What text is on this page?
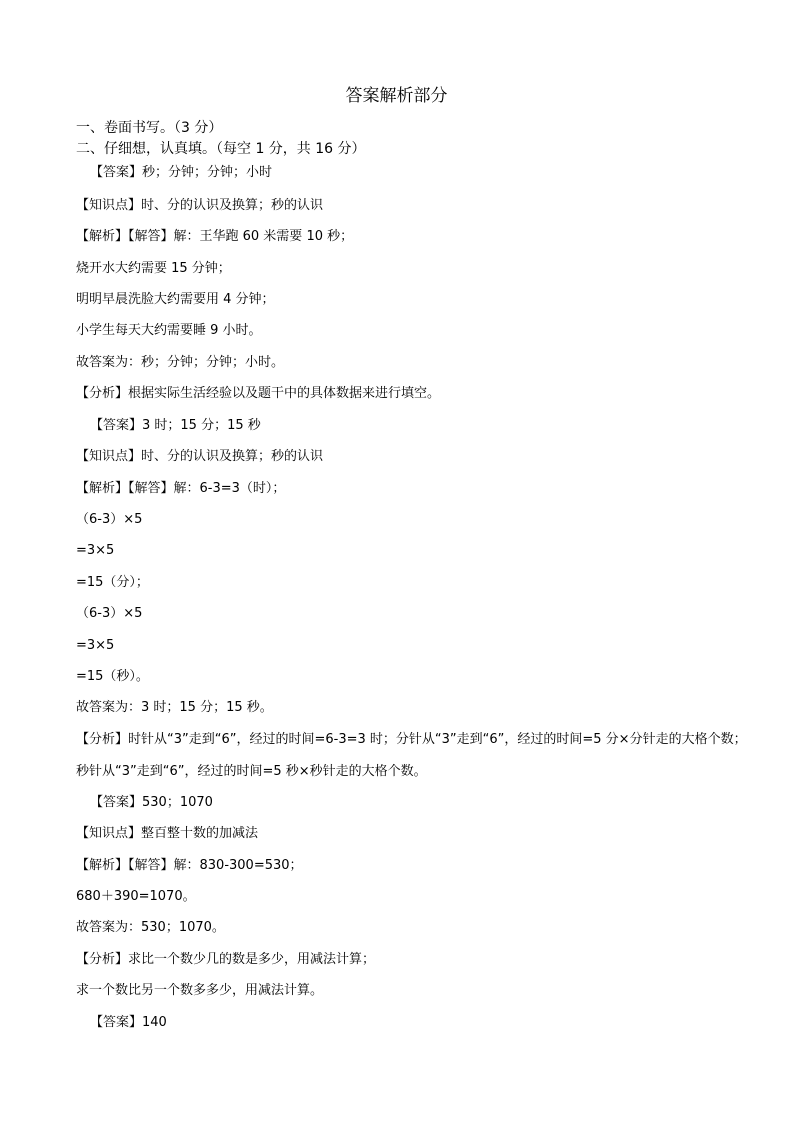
答案解析部分
一、卷面书写。（3 分）
二、仔细想，认真填。（每空 1 分，共 16 分）
【答案】秒；分钟；分钟；小时
【知识点】时、分的认识及换算；秒的认识
【解析】【解答】解：王华跑 60 米需要 10 秒；
烧开水大约需要 15 分钟；
明明早晨洗脸大约需要用 4 分钟；
小学生每天大约需要睡 9 小时。
故答案为：秒；分钟；分钟；小时。
【分析】根据实际生活经验以及题干中的具体数据来进行填空。
【答案】3 时；15 分；15 秒
【知识点】时、分的认识及换算；秒的认识
【解析】【解答】解：6-3=3（时）；
（6-3）×5
=3×5
=15（分）；
（6-3）×5
=3×5
=15（秒）。
故答案为：3 时；15 分；15 秒。
【分析】时针从“3”走到“6”，经过的时间=6-3=3 时；分针从“3”走到“6”，经过的时间=5 分×分针走的大格个数；秒针从“3”走到“6”，经过的时间=5 秒×秒针走的大格个数。
【答案】530；1070
【知识点】整百整十数的加减法
【解析】【解答】解：830-300=530；
680＋390=1070。
故答案为：530；1070。
【分析】求比一个数少几的数是多少，用减法计算；
求一个数比另一个数多多少，用减法计算。
【答案】140
